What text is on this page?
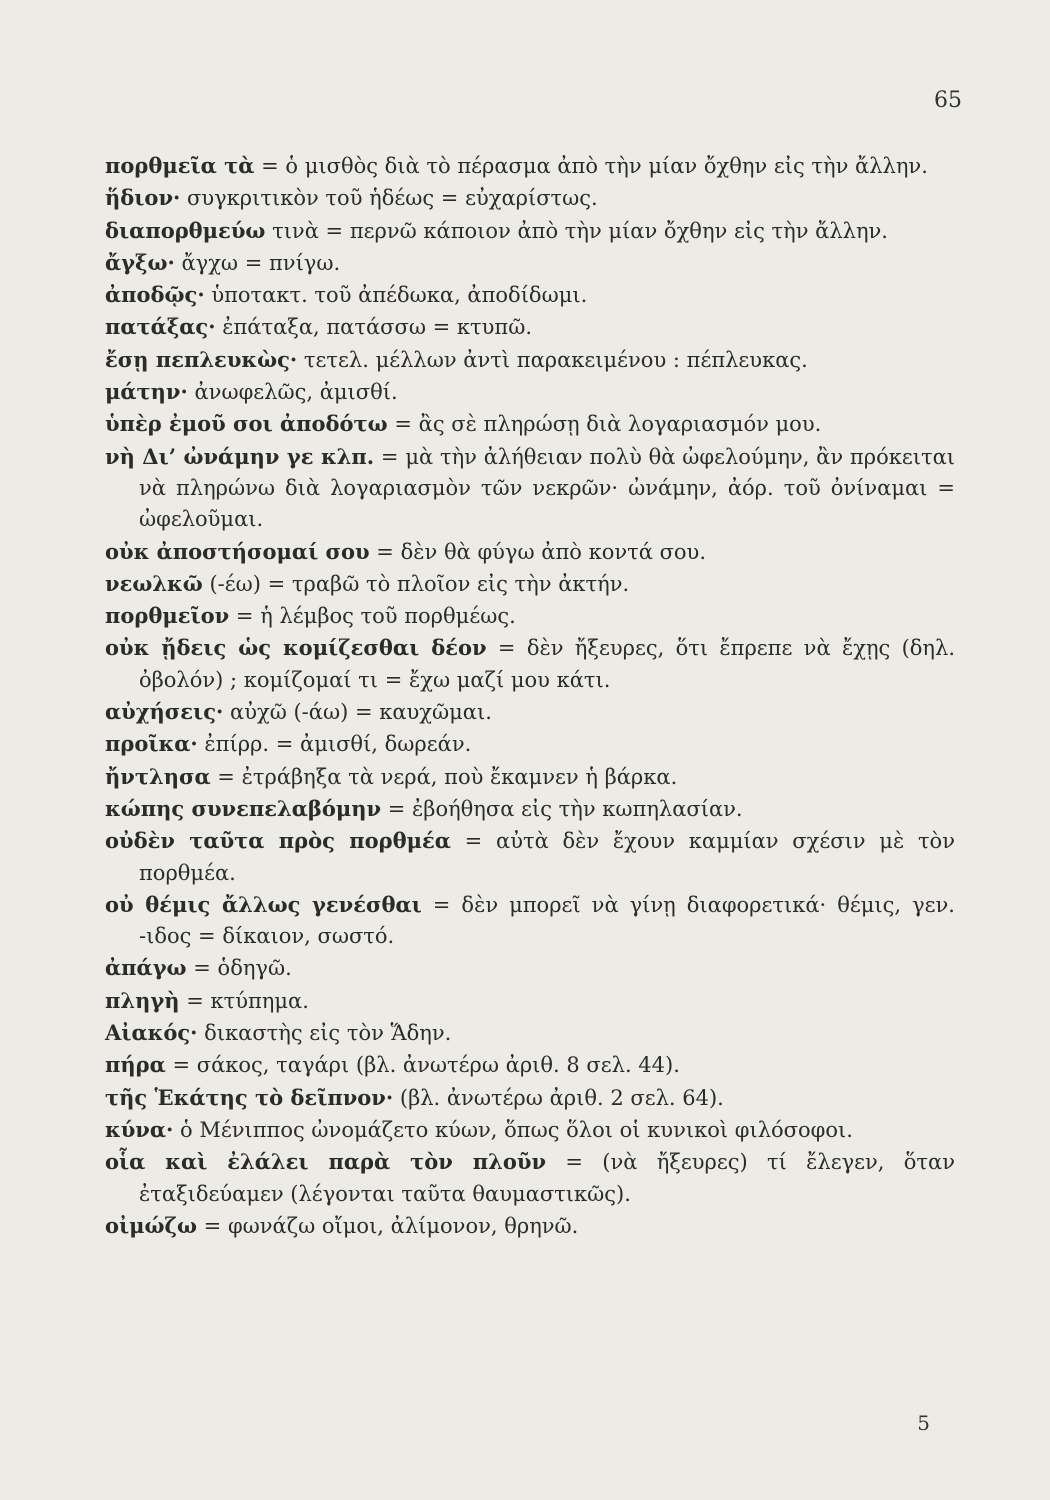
65
πορθμεῖα τὰ = ὁ μισθὸς διὰ τὸ πέρασμα ἀπὸ τὴν μίαν ὄχθην εἰς τὴν ἄλλην.
ἥδιον· συγκριτικὸν τοῦ ἡδέως = εὐχαρίστως.
διαπορθμεύω τινὰ = περνῶ κάποιον ἀπὸ τὴν μίαν ὄχθην εἰς τὴν ἄλλην.
ἄγξω· ἄγχω = πνίγω.
ἀποδῷς· ὑποτακτ. τοῦ ἀπέδωκα, ἀποδίδωμι.
πατάξας· ἐπάταξα, πατάσσω = κτυπῶ.
ἔσῃ πεπλευκὼς· τετελ. μέλλων ἀντὶ παρακειμένου : πέπλευκας.
μάτην· ἀνωφελῶς, ἀμισθί.
ὑπὲρ ἐμοῦ σοι ἀποδότω = ἂς σὲ πληρώσῃ διὰ λογαριασμόν μου.
νὴ Δι’ ὠνάμην γε κλπ. = μὰ τὴν ἀλήθειαν πολὺ θὰ ὠφελούμην, ἂν πρόκειται νὰ πληρώνω διὰ λογαριασμὸν τῶν νεκρῶν· ὠνάμην, ἀόρ. τοῦ ὀνίναμαι = ὠφελοῦμαι.
οὐκ ἀποστήσομαί σου = δὲν θὰ φύγω ἀπὸ κοντά σου.
νεωλκῶ (-έω) = τραβῶ τὸ πλοῖον εἰς τὴν ἀκτήν.
πορθμεῖον = ἡ λέμβος τοῦ πορθμέως.
οὐκ ᾔδεις ὡς κομίζεσθαι δέον = δὲν ἤξευρες, ὅτι ἔπρεπε νὰ ἔχῃς (δηλ. ὀβολόν) ; κομίζομαί τι = ἔχω μαζί μου κάτι.
αὐχήσεις· αὐχῶ (-άω) = καυχῶμαι.
προῖκα· ἐπίρρ. = ἀμισθί, δωρεάν.
ἤντλησα = ἐτράβηξα τὰ νερά, ποὺ ἔκαμνεν ἡ βάρκα.
κώπης συνεπελαβόμην = ἐβοήθησα εἰς τὴν κωπηλασίαν.
οὐδὲν ταῦτα πρὸς πορθμέα = αὐτὰ δὲν ἔχουν καμμίαν σχέσιν μὲ τὸν πορθμέα.
οὐ θέμις ἄλλως γενέσθαι = δὲν μπορεῖ νὰ γίνῃ διαφορετικά· θέμις, γεν. -ιδος = δίκαιον, σωστό.
ἀπάγω = ὁδηγῶ.
πληγὴ = κτύπημα.
Αἰακός· δικαστὴς εἰς τὸν Ἅδην.
πήρα = σάκος, ταγάρι (βλ. ἀνωτέρω ἀριθ. 8 σελ. 44).
τῆς Ἑκάτης τὸ δεῖπνον· (βλ. ἀνωτέρω ἀριθ. 2 σελ. 64).
κύνα· ὁ Μένιππος ὠνομάζετο κύων, ὅπως ὅλοι οἱ κυνικοὶ φιλόσοφοι.
οἷα καὶ ἐλάλει παρὰ τὸν πλοῦν = (νὰ ἤξευρες) τί ἔλεγεν, ὅταν ἐταξιδεύαμεν (λέγονται ταῦτα θαυμαστικῶς).
οἰμώζω = φωνάζω οἴμοι, ἀλίμονον, θρηνῶ.
5
